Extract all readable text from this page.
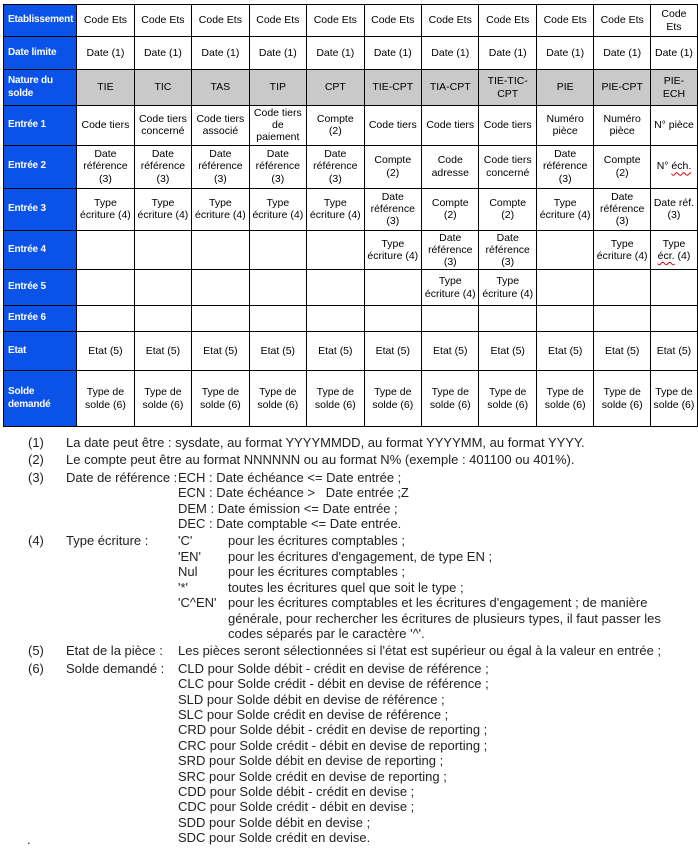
Etablissement	Code Ets	Code Ets	Code Ets	Code Ets	Code Ets	Code Ets	Code Ets	Code Ets	Code Ets	Code Ets	Code Ets
Date limite	Date (1)	Date (1)	Date (1)	Date (1)	Date (1)	Date (1)	Date (1)	Date (1)	Date (1)	Date (1)	Date (1)
Nature du solde	TIE	TIC	TAS	TIP	CPT	TIE-CPT	TIA-CPT	TIE-TIC-CPT	PIE	PIE-CPT	PIE-ECH
Entrée 1	Code tiers	Code tiers concerné	Code tiers associé	Code tiers de paiement	Compte (2)	Code tiers	Code tiers	Code tiers	Numéro pièce	Numéro pièce	N° pièce
Entrée 2	Date référence (3)	Date référence (3)	Date référence (3)	Date référence (3)	Date référence (3)	Compte (2)	Code adresse	Code tiers concerné	Date référence (3)	Compte (2)	N° éch.
Entrée 3	Type écriture (4)	Type écriture (4)	Type écriture (4)	Type écriture (4)	Type écriture (4)	Date référence (3)	Compte (2)	Compte (2)	Type écriture (4)	Date référence (3)	Date réf. (3)
Entrée 4						Type écriture (4)	Date référence (3)	Date référence (3)		Type écriture (4)	Type écr. (4)
Entrée 5							Type écriture (4)	Type écriture (4)			
Entrée 6											
Etat	Etat (5)	Etat (5)	Etat (5)	Etat (5)	Etat (5)	Etat (5)	Etat (5)	Etat (5)	Etat (5)	Etat (5)	Etat (5)
Solde demandé	Type de solde (6)	Type de solde (6)	Type de solde (6)	Type de solde (6)	Type de solde (6)	Type de solde (6)	Type de solde (6)	Type de solde (6)	Type de solde (6)	Type de solde (6)	Type de solde (6)
(1)	La date peut être : sysdate, au format YYYYMMDD, au format YYYYMM, au format YYYY.
(2)	Le compte peut être au format NNNNNN ou au format N% (exemple : 401100 ou 401%).
(3)	Date de référence : ECH : Date échéance <= Date entrée ;
ECN : Date échéance >   Date entrée ;Z
DEM : Date émission <= Date entrée ;
DEC : Date comptable <= Date entrée.
(4)	Type écriture :	'C'	pour les écritures comptables ;
'EN'	pour les écritures d'engagement, de type EN ;
Nul	pour les écritures comptables ;
'*'	toutes les écritures quel que soit le type ;
'C^EN' pour les écritures comptables et les écritures d'engagement ; de manière générale, pour rechercher les écritures de plusieurs types, il faut passer les codes séparés par le caractère '^'.
(5)	Etat de la pièce :	Les pièces seront sélectionnées si l'état est supérieur ou égal à la valeur en entrée ;
(6)	Solde demandé :	CLD pour Solde débit - crédit en devise de référence ;
CLC pour Solde crédit - débit en devise de référence ;
SLD pour Solde débit en devise de référence ;
SLC pour Solde crédit en devise de référence ;
CRD pour Solde débit - crédit en devise de reporting ;
CRC pour Solde crédit - débit en devise de reporting ;
SRD pour Solde débit en devise de reporting ;
SRC pour Solde crédit en devise de reporting ;
CDD pour Solde débit - crédit en devise ;
CDC pour Solde crédit - débit en devise ;
SDD pour Solde débit en devise ;
SDC pour Solde crédit en devise.
.
